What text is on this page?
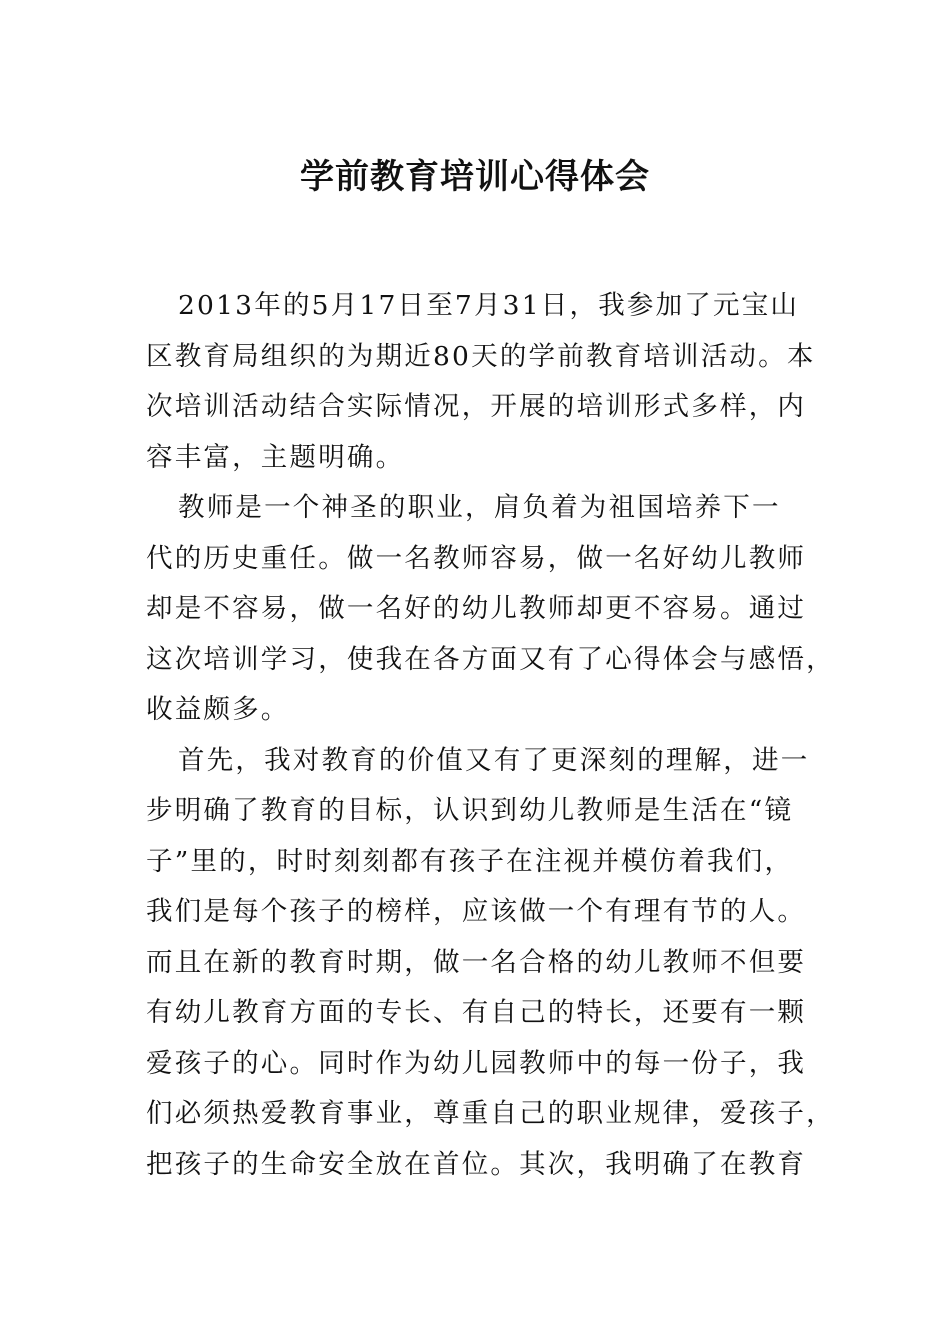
学前教育培训心得体会
2013年的5月17日至7月31日，我参加了元宝山
区教育局组织的为期近80天的学前教育培训活动。本
次培训活动结合实际情况，开展的培训形式多样，内
容丰富，主题明确。
教师是一个神圣的职业，肩负着为祖国培养下一
代的历史重任。做一名教师容易，做一名好幼儿教师
却是不容易，做一名好的幼儿教师却更不容易。通过
这次培训学习，使我在各方面又有了心得体会与感悟，
收益颇多。
首先，我对教育的价值又有了更深刻的理解，进一
步明确了教育的目标，认识到幼儿教师是生活在“镜
子”里的，时时刻刻都有孩子在注视并模仿着我们，
我们是每个孩子的榜样，应该做一个有理有节的人。
而且在新的教育时期，做一名合格的幼儿教师不但要
有幼儿教育方面的专长、有自己的特长，还要有一颗
爱孩子的心。同时作为幼儿园教师中的每一份子，我
们必须热爱教育事业，尊重自己的职业规律，爱孩子，
把孩子的生命安全放在首位。其次，我明确了在教育
